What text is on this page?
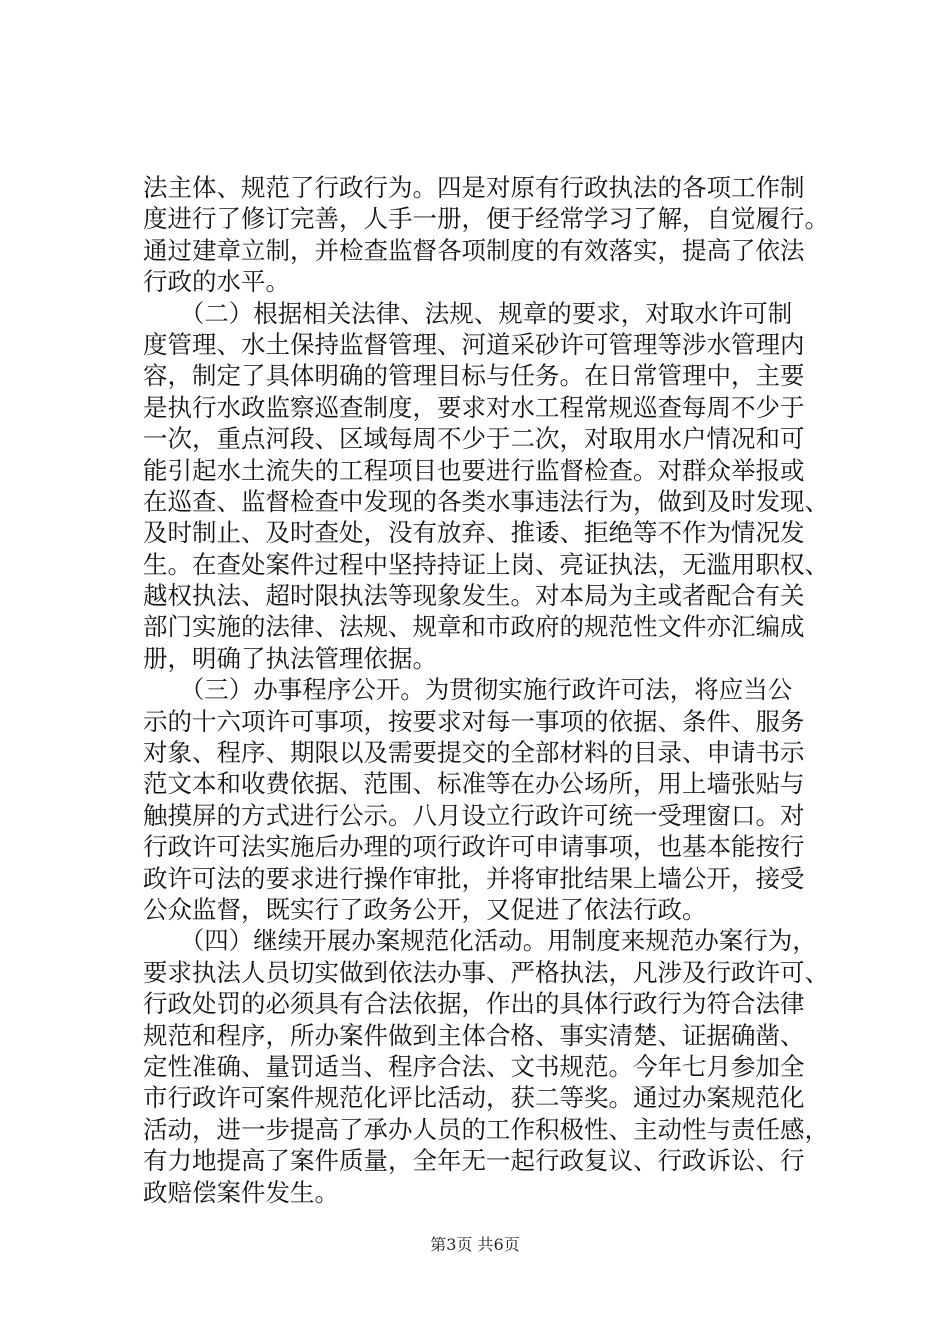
法主体、规范了行政行为。四是对原有行政执法的各项工作制
度进行了修订完善，人手一册，便于经常学习了解，自觉履行。
通过建章立制，并检查监督各项制度的有效落实，提高了依法
行政的水平。
　　（二）根据相关法律、法规、规章的要求，对取水许可制
度管理、水土保持监督管理、河道采砂许可管理等涉水管理内
容，制定了具体明确的管理目标与任务。在日常管理中，主要
是执行水政监察巡查制度，要求对水工程常规巡查每周不少于
一次，重点河段、区域每周不少于二次，对取用水户情况和可
能引起水土流失的工程项目也要进行监督检查。对群众举报或
在巡查、监督检查中发现的各类水事违法行为，做到及时发现、
及时制止、及时查处，没有放弃、推诿、拒绝等不作为情况发
生。在查处案件过程中坚持持证上岗、亮证执法，无滥用职权、
越权执法、超时限执法等现象发生。对本局为主或者配合有关
部门实施的法律、法规、规章和市政府的规范性文件亦汇编成
册，明确了执法管理依据。
　　（三）办事程序公开。为贯彻实施行政许可法，将应当公
示的十六项许可事项，按要求对每一事项的依据、条件、服务
对象、程序、期限以及需要提交的全部材料的目录、申请书示
范文本和收费依据、范围、标准等在办公场所，用上墙张贴与
触摸屏的方式进行公示。八月设立行政许可统一受理窗口。对
行政许可法实施后办理的项行政许可申请事项，也基本能按行
政许可法的要求进行操作审批，并将审批结果上墙公开，接受
公众监督，既实行了政务公开，又促进了依法行政。
　　（四）继续开展办案规范化活动。用制度来规范办案行为，
要求执法人员切实做到依法办事、严格执法，凡涉及行政许可、
行政处罚的必须具有合法依据，作出的具体行政行为符合法律
规范和程序，所办案件做到主体合格、事实清楚、证据确凿、
定性准确、量罚适当、程序合法、文书规范。今年七月参加全
市行政许可案件规范化评比活动，获二等奖。通过办案规范化
活动，进一步提高了承办人员的工作积极性、主动性与责任感，
有力地提高了案件质量，全年无一起行政复议、行政诉讼、行
政赔偿案件发生。
第3页 共6页
